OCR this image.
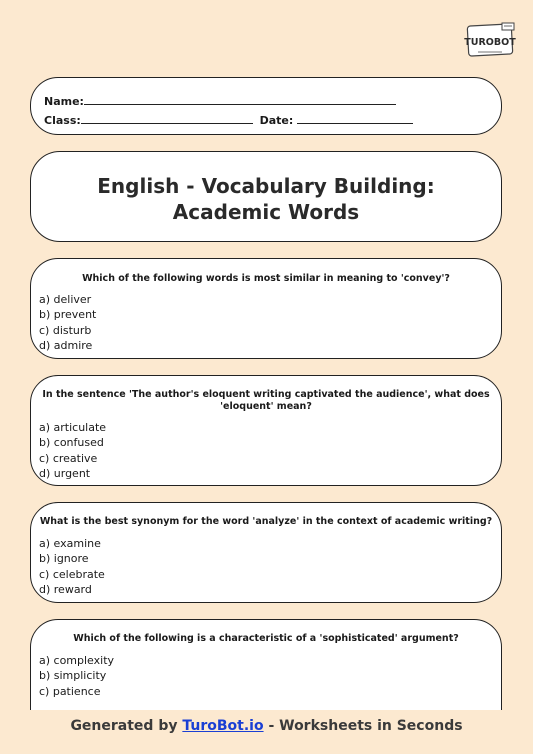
TUROBOT
Name:
Class:	Date:
English - Vocabulary Building:
Academic Words
Which of the following words is most similar in meaning to 'convey'?
a) deliver
b) prevent
c) disturb
d) admire
In the sentence 'The author's eloquent writing captivated the audience', what does 'eloquent' mean?
a) articulate
b) confused
c) creative
d) urgent
What is the best synonym for the word 'analyze' in the context of academic writing?
a) examine
b) ignore
c) celebrate
d) reward
Which of the following is a characteristic of a 'sophisticated' argument?
a) complexity
b) simplicity
c) patience
Generated by TuroBot.io - Worksheets in Seconds
